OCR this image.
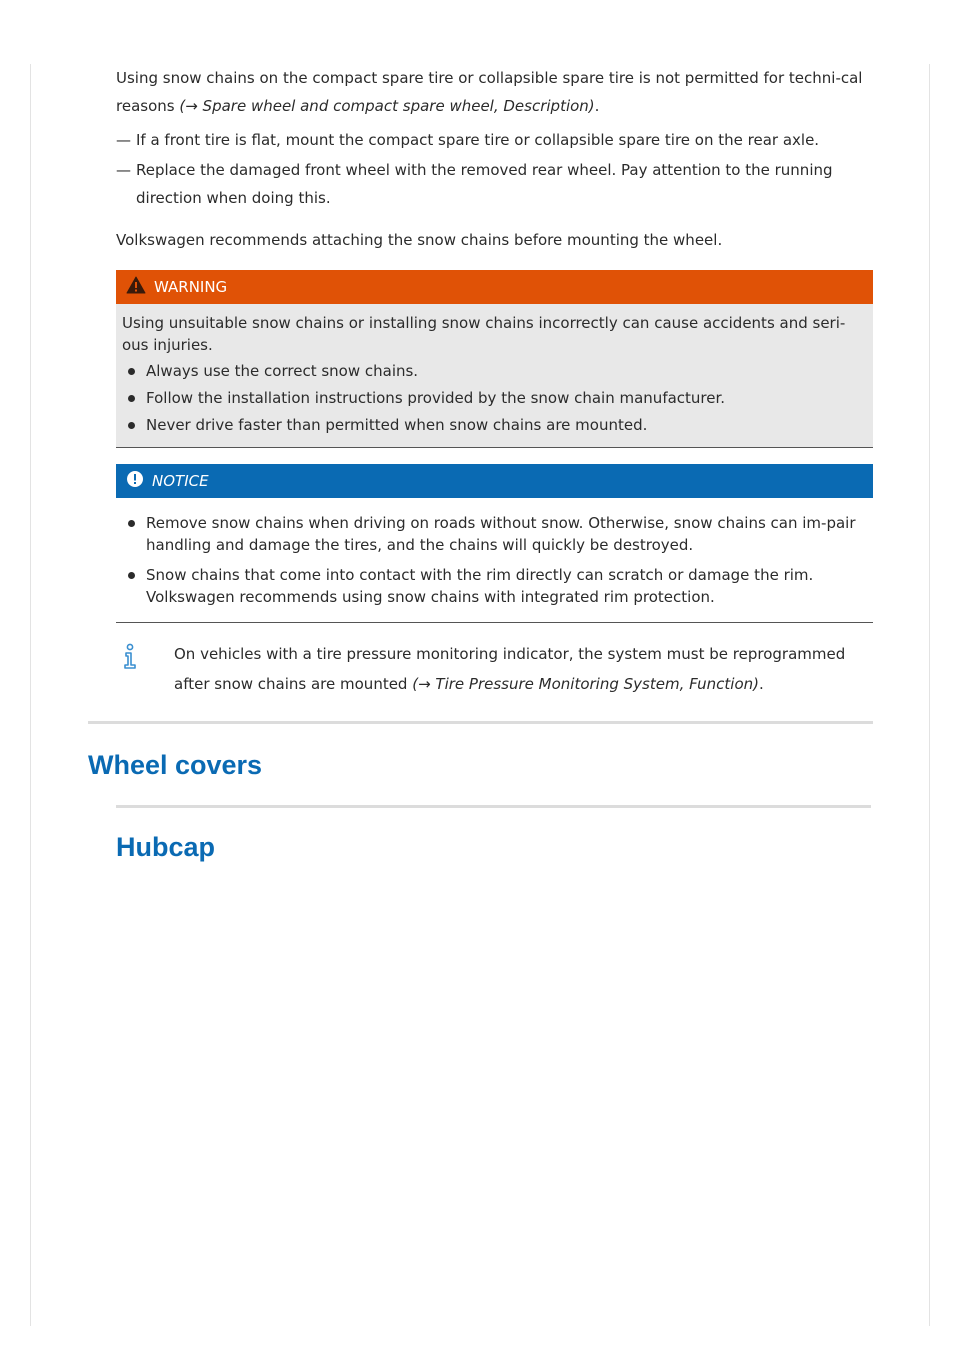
Using snow chains on the compact spare tire or collapsible spare tire is not permitted for techni-cal reasons (→ Spare wheel and compact spare wheel, Description).

— If a front tire is flat, mount the compact spare tire or collapsible spare tire on the rear axle.
— Replace the damaged front wheel with the removed rear wheel. Pay attention to the running direction when doing this.

Volkswagen recommends attaching the snow chains before mounting the wheel.

WARNING

Using unsuitable snow chains or installing snow chains incorrectly can cause accidents and seri-ous injuries.

Always use the correct snow chains.
Follow the installation instructions provided by the snow chain manufacturer.
Never drive faster than permitted when snow chains are mounted.
NOTICE
Remove snow chains when driving on roads without snow. Otherwise, snow chains can im-pair handling and damage the tires, and the chains will quickly be destroyed.
Snow chains that come into contact with the rim directly can scratch or damage the rim. Volkswagen recommends using snow chains with integrated rim protection.

On vehicles with a tire pressure monitoring indicator, the system must be reprogrammed after snow chains are mounted (→ Tire Pressure Monitoring System, Function).

Wheel covers
Hubcap
